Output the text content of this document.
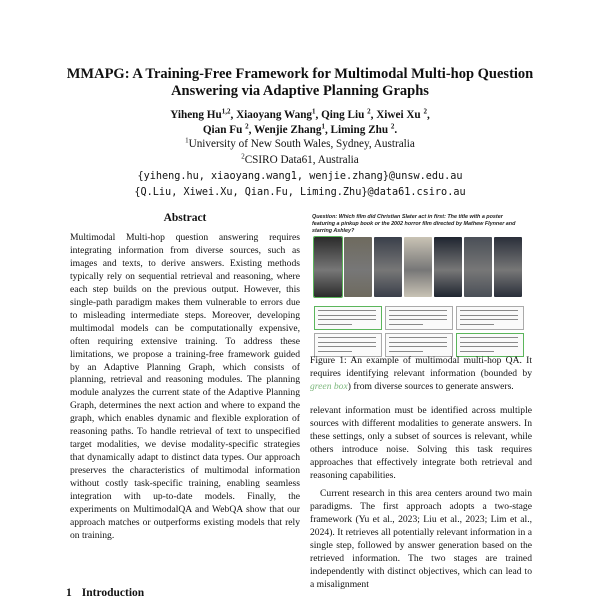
MMAPG: A Training-Free Framework for Multimodal Multi-hop Question
Answering via Adaptive Planning Graphs
Yiheng Hu$^{1,2}$, Xiaoyang Wang$^1$, Qing Liu $^2$, Xiwei Xu $^2$,
Qian Fu $^2$, Wenjie Zhang$^1$, Liming Zhu $^2$.
$^1$University of New South Wales, Sydney, Australia
$^2$CSIRO Data61, Australia
{yiheng.hu, xiaoyang.wang1, wenjie.zhang}@unsw.edu.au
{Q.Liu, Xiwei.Xu, Qian.Fu, Liming.Zhu}@data61.csiro.au
Abstract
Multimodal Multi-hop question answering requires integrating information from diverse sources, such as images and texts, to derive answers. Existing methods typically rely on sequential retrieval and reasoning, where each step builds on the previous output. However, this single-path paradigm makes them vulnerable to errors due to misleading intermediate steps. Moreover, developing multimodal models can be computationally expensive, often requiring extensive training. To address these limitations, we propose a training-free framework guided by an Adaptive Planning Graph, which consists of planning, retrieval and reasoning modules. The planning module analyzes the current state of the Adaptive Planning Graph, determines the next action and where to expand the graph, which enables dynamic and flexible exploration of reasoning paths. To handle retrieval of text to unspecified target modalities, we devise modality-specific strategies that dynamically adapt to distinct data types. Our approach preserves the characteristics of multimodal information without costly task-specific training, enabling seamless integration with up-to-date models. Finally, the experiments on MultimodalQA and WebQA show that our approach matches or outperforms existing models that rely on training.
1 Introduction
Question: Which film did Christian Slater act in first: The title with a poster featuring a pinkup book or the 2002 horror film directed by Mathew Flynner and starring Ashley?
Figure 1: An example of multimodal multi-hop QA. It requires identifying relevant information (bounded by green box) from diverse sources to generate answers.

relevant information must be identified across multiple sources with different modalities to generate answers. In these settings, only a subset of sources is relevant, while others introduce noise. Solving this task requires approaches that effectively integrate both retrieval and reasoning capabilities.

Current research in this area centers around two main paradigms. The first approach adopts a two-stage framework (Yu et al., 2023; Liu et al., 2023; Lim et al., 2024). It retrieves all potentially relevant information in a single step, followed by answer generation based on the retrieved information. The two stages are trained independently with distinct objectives, which can lead to a misalignment
